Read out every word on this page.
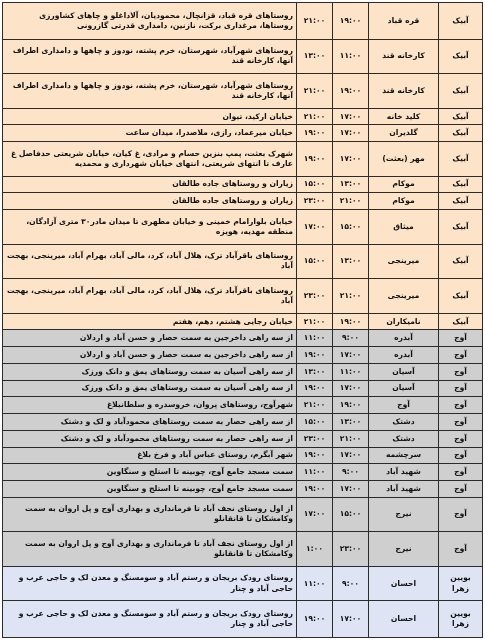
آبیک	قره قباد	۱۹:۰۰	۲۱:۰۰	روستاهای قره قباد، قزانچال، محمودیان، آلاداغلو و چاهای کشاورزی روستاها، مرغداری برکت، نازنین، دامداری قدرتی گازرونی
آبیک	کارخانه قند	۱۱:۰۰	۱۳:۰۰	روستاهای شهرآباد، شهرستان، خرم پشته، نودوز و چاهها و دامداری اطراف آنها، کارخانه قند
آبیک	کارخانه قند	۱۹:۰۰	۲۱:۰۰	روستاهای شهرآباد، شهرستان، خرم پشته، نودوز و چاهها و دامداری اطراف آنها، کارخانه قند
آبیک	کلید خانه	۱۷:۰۰	۲۱:۰۰	خیابان ارکید، تیوان
آبیک	گلدیران	۱۷:۰۰	۱۹:۰۰	خیابان میرعماد، رازی، ملاصدرا، میدان ساعت
آبیک	مهر (بعثت)	۱۷:۰۰	۱۹:۰۰	شهرک بعثت، پمپ بنزین حسام و مرادی، غ کیان، خیابان شریعتی حدفاصل غ عارف تا انتهای شریعتی، انتهای خیابان شهرداری و محمدیه
آبیک	موکام	۱۳:۰۰	۱۵:۰۰	زیاران و روستاهای جاده طالقان
آبیک	موکام	۲۱:۰۰	۲۳:۰۰	زیاران و روستاهای جاده طالقان
آبیک	میثاق	۱۵:۰۰	۱۷:۰۰	خیابان بلوارامام خمینی و خیابان مطهری تا میدان مادر۳۰ متری آزادگان، منطقه مهدیه، هویزه
آبیک	میرینجی	۱۳:۰۰	۱۵:۰۰	روستاهای باقرآباد ترک، هلال آباد، کرد، مالی آباد، بهرام آباد، میرینجی، بهجت آباد
آبیک	میرینجی	۲۱:۰۰	۲۳:۰۰	روستاهای باقرآباد ترک، هلال آباد، کرد، مالی آباد، بهرام آباد، میرینجی، بهجت آباد
آبیک	نامیکاران	۱۹:۰۰	۲۱:۰۰	خیابان رجایی هشتم، دهم، هفتم
آوج	آبدره	۹:۰۰	۱۱:۰۰	از سه راهی داخرجین به سمت حصار و حسن آباد و اردلان
آوج	آبدره	۱۷:۰۰	۱۹:۰۰	از سه راهی داخرجین به سمت حصار و حسن آباد و اردلان
آوج	آسیان	۱۱:۰۰	۱۳:۰۰	از سه راهی آسیان به سمت روستاهای یمق و دانک ورزک
آوج	آسیان	۱۷:۰۰	۱۹:۰۰	از سه راهی آسیان به سمت روستاهای یمق و دانک ورزک
آوج	آوج	۱۹:۰۰	۲۱:۰۰	شهرآوج، روستاهای پروان، خروسدره و سلطانبلاغ
آوج	دشتک	۱۳:۰۰	۱۵:۰۰	از سه راهی حصار به سمت روستاهای محمودآباد و لک و دشتک
آوج	دشتک	۲۱:۰۰	۲۳:۰۰	از سه راهی حصار به سمت روستاهای محمودآباد و لک و دشتک
آوج	سرچشمه	۱۷:۰۰	۱۹:۰۰	شهر آبگرم، روستای عباس آباد و فرخ بلاغ
آوج	شهید آباد	۹:۰۰	۱۱:۰۰	سمت مسجد جامع آوج، چوبینه تا استلج و سنگاوین
آوج	شهید آباد	۱۷:۰۰	۱۹:۰۰	سمت مسجد جامع آوج، چوبینه تا استلج و سنگاوین
آوج	نیرج	۱۵:۰۰	۱۷:۰۰	از اول روستای نجف آباد تا فرمانداری و بهداری آوج و پل اروان به سمت وکامشکان تا قانقانلو
آوج	نیرج	۲۳:۰۰	۱:۰۰	از اول روستای نجف آباد تا فرمانداری و بهداری آوج و پل اروان به سمت وکامشکان تا قانقانلو
بویین زهرا	احسان	۹:۰۰	۱۱:۰۰	روستای رودک بریجان و رستم آباد و سومسنگ و معدن لک و حاجی عرب و حاجی آباد و چنار
بویین زهرا	احسان	۱۷:۰۰	۱۹:۰۰	روستای رودک بریجان و رستم آباد و سومسنگ و معدن لک و حاجی عرب و حاجی آباد و چنار
